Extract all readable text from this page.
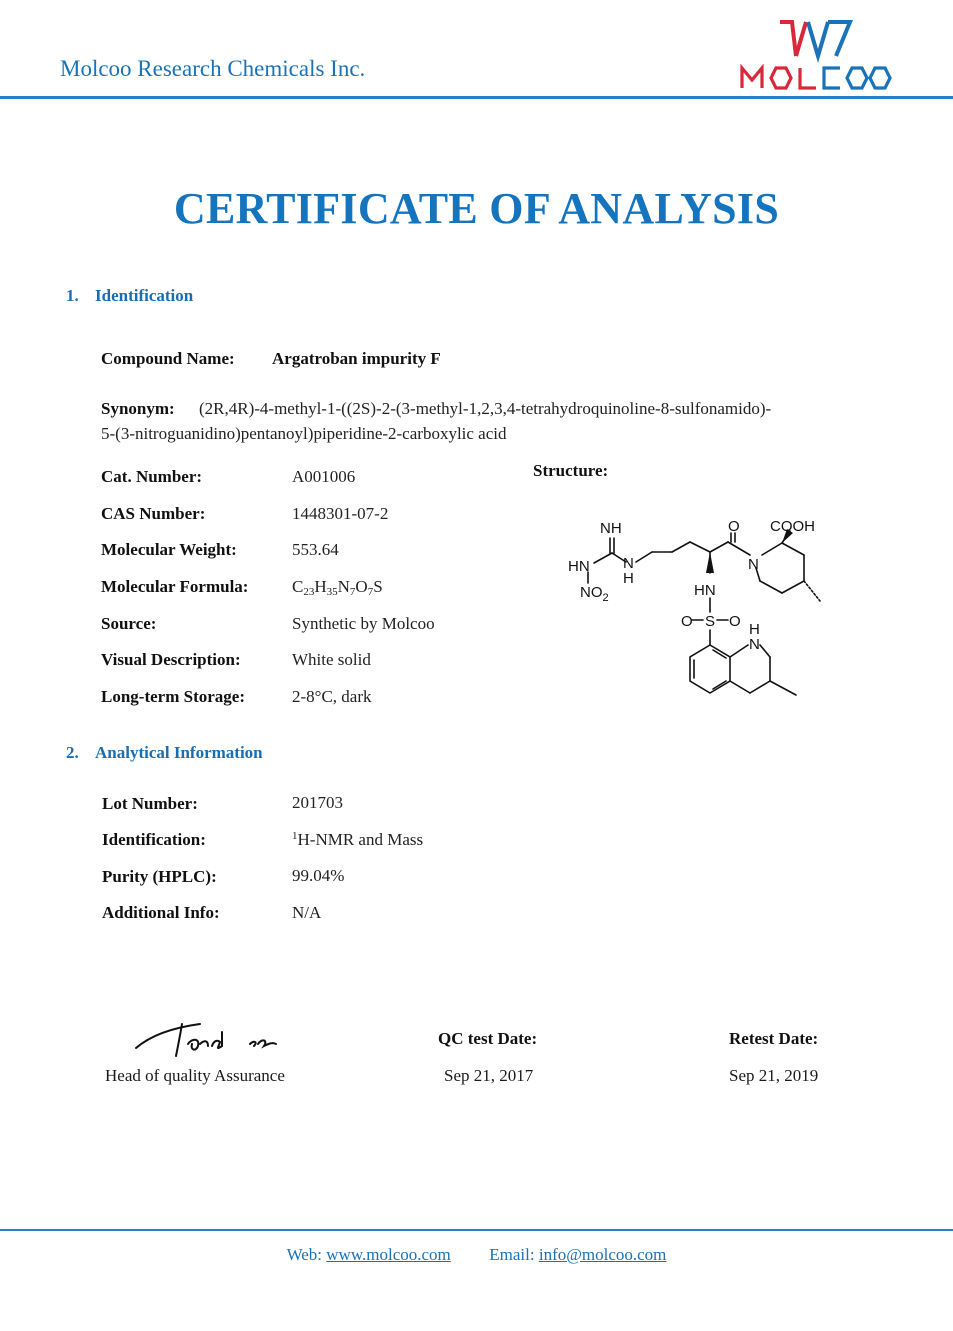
Molcoo Research Chemicals Inc.
CERTIFICATE OF ANALYSIS
1. Identification
Compound Name: Argatroban impurity F
Synonym: (2R,4R)-4-methyl-1-((2S)-2-(3-methyl-1,2,3,4-tetrahydroquinoline-8-sulfonamido)-
5-(3-nitroguanidino)pentanoyl)piperidine-2-carboxylic acid
Structure:
Cat. Number:	A001006
CAS Number:	1448301-07-2
Molecular Weight:	553.64
Molecular Formula:	$C_{23}H_{35}N_7O_7S$
Source:	Synthetic by Molcoo
Visual Description:	White solid
Long-term Storage:	2-8°C, dark
NH
HN
$NO_2$
N
H
O COOH
N
HN
O S O H
N
2. Analytical Information
Lot Number:	201703
Identification:	$^1$H-NMR and Mass
Purity (HPLC):	99.04%
Additional Info:	N/A
Head of quality Assurance
QC test Date:
Sep 21, 2017
Retest Date:
Sep 21, 2019
Web: www.molcoo.com Email: info@molcoo.com
